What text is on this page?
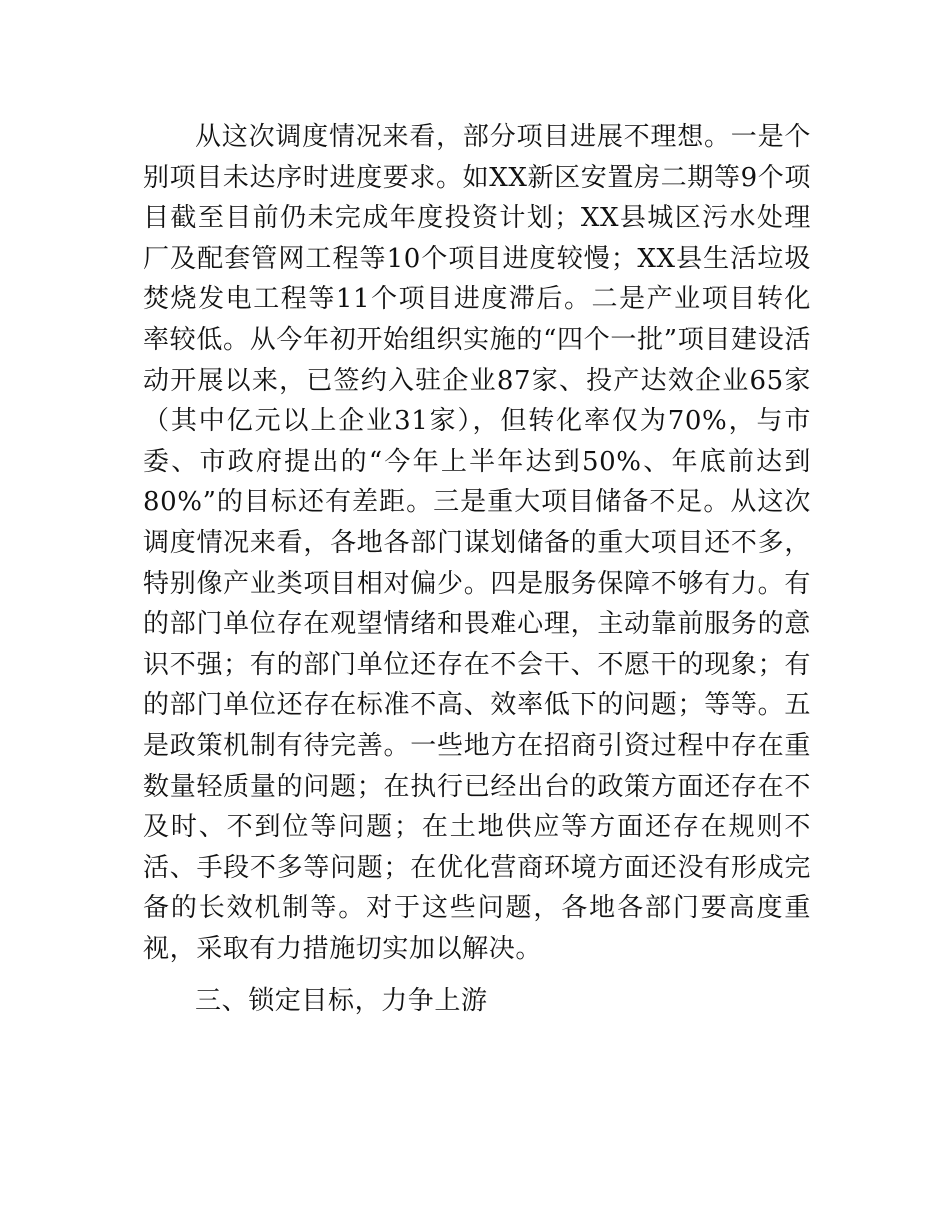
从这次调度情况来看，部分项目进展不理想。一是个别项目未达序时进度要求。如XX新区安置房二期等9个项目截至目前仍未完成年度投资计划；XX县城区污水处理厂及配套管网工程等10个项目进度较慢；XX县生活垃圾焚烧发电工程等11个项目进度滞后。二是产业项目转化率较低。从今年初开始组织实施的“四个一批”项目建设活动开展以来，已签约入驻企业87家、投产达效企业65家（其中亿元以上企业31家），但转化率仅为70%，与市委、市政府提出的“今年上半年达到50%、年底前达到80%”的目标还有差距。三是重大项目储备不足。从这次调度情况来看，各地各部门谋划储备的重大项目还不多，特别像产业类项目相对偏少。四是服务保障不够有力。有的部门单位存在观望情绪和畏难心理，主动靠前服务的意识不强；有的部门单位还存在不会干、不愿干的现象；有的部门单位还存在标准不高、效率低下的问题；等等。五是政策机制有待完善。一些地方在招商引资过程中存在重数量轻质量的问题；在执行已经出台的政策方面还存在不及时、不到位等问题；在土地供应等方面还存在规则不活、手段不多等问题；在优化营商环境方面还没有形成完备的长效机制等。对于这些问题，各地各部门要高度重视，采取有力措施切实加以解决。

三、锁定目标，力争上游
